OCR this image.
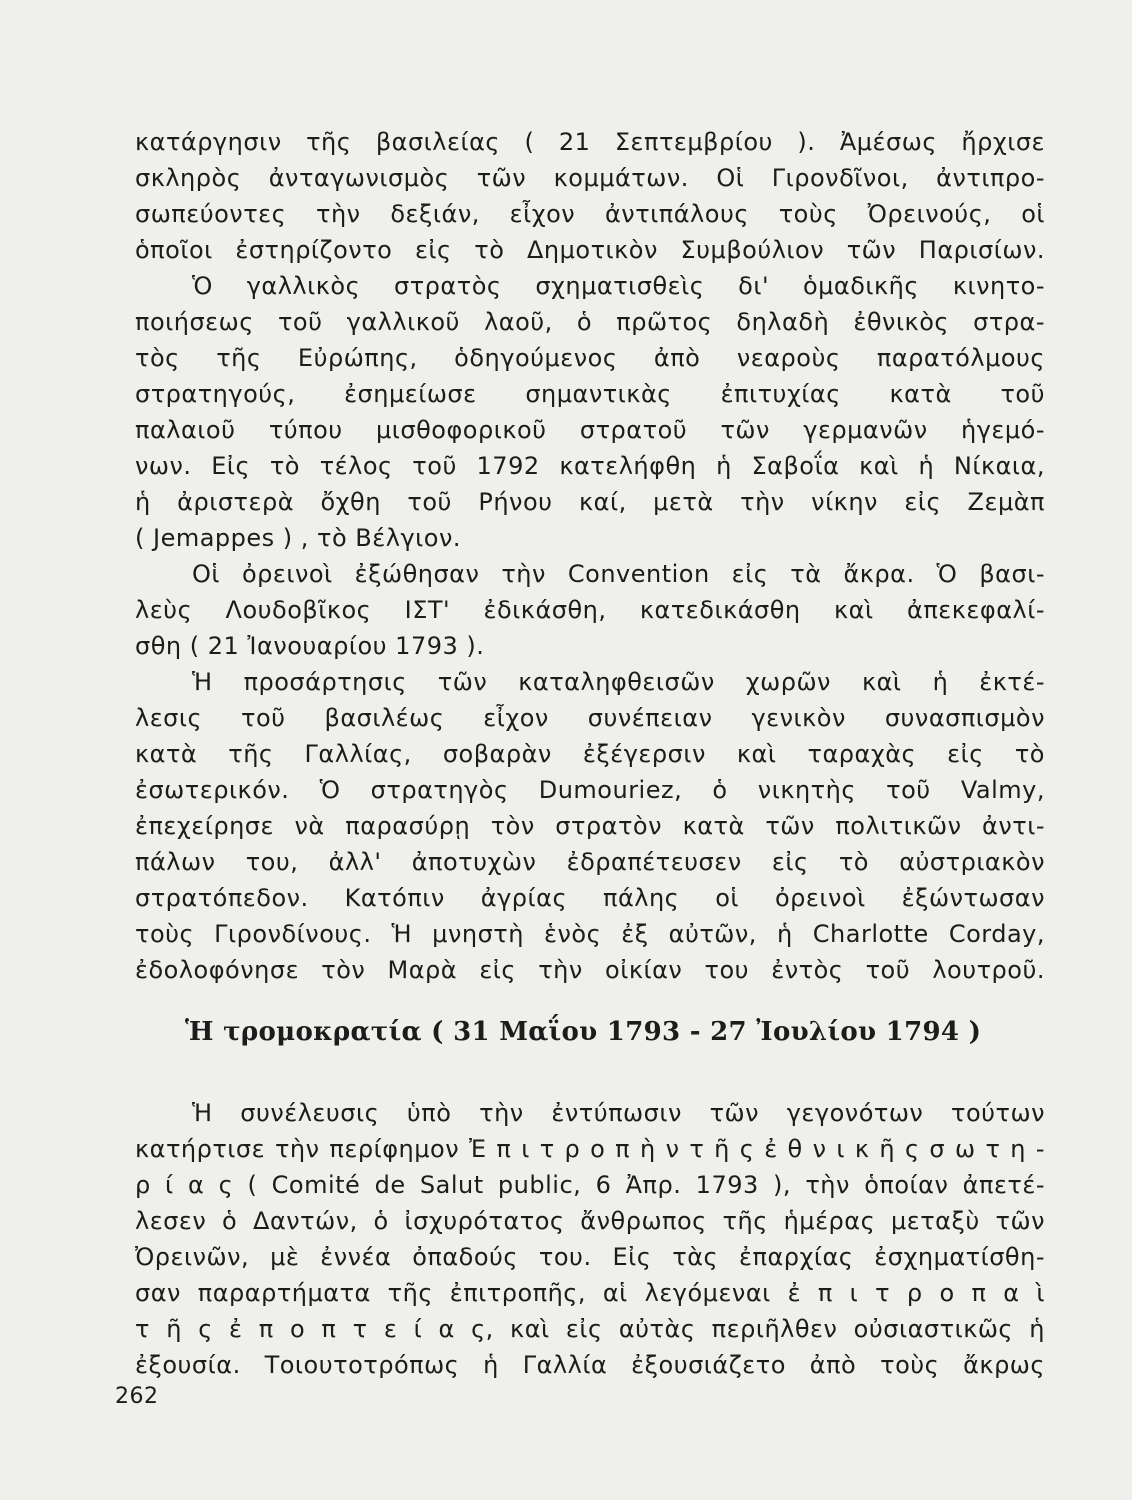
κατάργησιν τῆς βασιλείας ( 21 Σεπτεμβρίου ). Ἀμέσως ἤρχισε
σκληρὸς ἀνταγωνισμὸς τῶν κομμάτων. Οἱ Γιρονδῖνοι, ἀντιπρο-
σωπεύοντες τὴν δεξιάν, εἶχον ἀντιπάλους τοὺς Ὀρεινούς, οἱ
ὁποῖοι ἐστηρίζοντο εἰς τὸ Δημοτικὸν Συμβούλιον τῶν Παρισίων.
Ὁ γαλλικὸς στρατὸς σχηματισθεὶς δι' ὁμαδικῆς κινητο-
ποιήσεως τοῦ γαλλικοῦ λαοῦ, ὁ πρῶτος δηλαδὴ ἐθνικὸς στρα-
τὸς τῆς Εὐρώπης, ὁδηγούμενος ἀπὸ νεαροὺς παρατόλμους
στρατηγούς, ἐσημείωσε σημαντικὰς ἐπιτυχίας κατὰ τοῦ
παλαιοῦ τύπου μισθοφορικοῦ στρατοῦ τῶν γερμανῶν ἡγεμό-
νων. Εἰς τὸ τέλος τοῦ 1792 κατελήφθη ἡ Σαβοΐα καὶ ἡ Νίκαια,
ἡ ἀριστερὰ ὄχθη τοῦ Ρήνου καί, μετὰ τὴν νίκην εἰς Ζεμὰπ
( Jemappes ) , τὸ Βέλγιον.
Οἱ ὀρεινοὶ ἐξώθησαν τὴν Convention εἰς τὰ ἄκρα. Ὁ βασι-
λεὺς Λουδοβῖκος ΙΣΤ' ἐδικάσθη, κατεδικάσθη καὶ ἀπεκεφαλί-
σθη ( 21 Ἰανουαρίου 1793 ).
Ἡ προσάρτησις τῶν καταληφθεισῶν χωρῶν καὶ ἡ ἐκτέ-
λεσις τοῦ βασιλέως εἶχον συνέπειαν γενικὸν συνασπισμὸν
κατὰ τῆς Γαλλίας, σοβαρὰν ἐξέγερσιν καὶ ταραχὰς εἰς τὸ
ἐσωτερικόν. Ὁ στρατηγὸς Dumouriez, ὁ νικητὴς τοῦ Valmy,
ἐπεχείρησε νὰ παρασύρῃ τὸν στρατὸν κατὰ τῶν πολιτικῶν ἀντι-
πάλων του, ἀλλ' ἀποτυχὼν ἐδραπέτευσεν εἰς τὸ αὐστριακὸν
στρατόπεδον. Κατόπιν ἀγρίας πάλης οἱ ὀρεινοὶ ἐξώντωσαν
τοὺς Γιρονδίνους. Ἡ μνηστὴ ἑνὸς ἐξ αὐτῶν, ἡ Charlotte Corday,
ἐδολοφόνησε τὸν Μαρὰ εἰς τὴν οἰκίαν του ἐντὸς τοῦ λουτροῦ.
Ἡ τρομοκρατία ( 31 Μαΐου 1793 - 27 Ἰουλίου 1794 )
Ἡ συνέλευσις ὑπὸ τὴν ἐντύπωσιν τῶν γεγονότων τούτων
κατήρτισε τὴν περίφημον Ἐ π ι τ ρ ο π ὴ ν τ ῆ ς ἐ θ ν ι κ ῆ ς σ ω τ η -
ρ ί α ς ( Comité de Salut public, 6 Ἀπρ. 1793 ), τὴν ὁποίαν ἀπετέ-
λεσεν ὁ Δαντών, ὁ ἰσχυρότατος ἄνθρωπος τῆς ἡμέρας μεταξὺ τῶν
Ὀρεινῶν, μὲ ἐννέα ὀπαδούς του. Εἰς τὰς ἐπαρχίας ἐσχηματίσθη-
σαν παραρτήματα τῆς ἐπιτροπῆς, αἱ λεγόμεναι ἐ π ι τ ρ ο π α ὶ
τ ῆ ς ἐ π ο π τ ε ί α ς, καὶ εἰς αὐτὰς περιῆλθεν οὐσιαστικῶς ἡ
ἐξουσία. Τοιουτοτρόπως ἡ Γαλλία ἐξουσιάζετο ἀπὸ τοὺς ἄκρως
262
